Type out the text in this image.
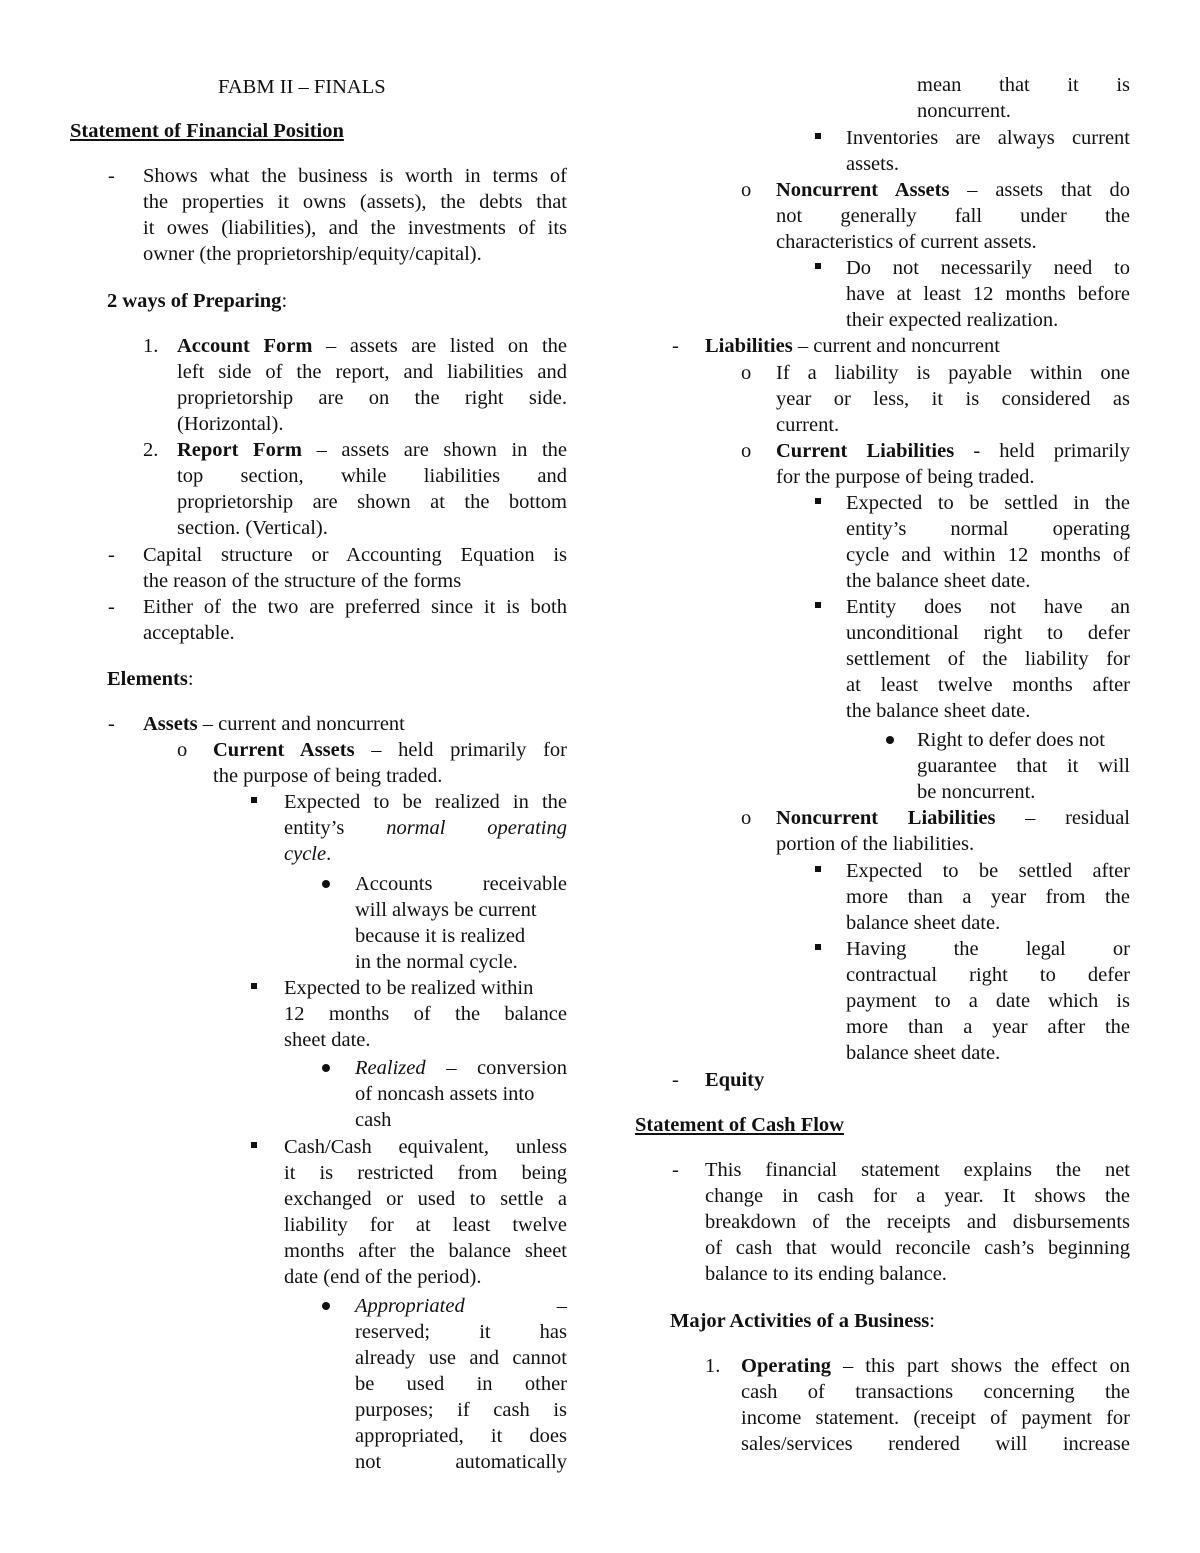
FABM II – FINALS

Statement of Financial Position

- Shows what the business is worth in terms of

the properties it owns (assets), the debts that

it owes (liabilities), and the investments of its

owner (the proprietorship/equity/capital).

2 ways of Preparing:

1. Account Form – assets are listed on the

left side of the report, and liabilities and

proprietorship are on the right side.

(Horizontal).

2. Report Form – assets are shown in the

top section, while liabilities and

proprietorship are shown at the bottom

section. (Vertical).

- Capital structure or Accounting Equation is

the reason of the structure of the forms

- Either of the two are preferred since it is both

acceptable.

Elements:

- Assets – current and noncurrent

o Current Assets – held primarily for

the purpose of being traded.

Expected to be realized in the

entity’s normal operating

cycle.

Accounts receivable

will always be current

because it is realized

in the normal cycle.

Expected to be realized within

12 months of the balance

sheet date.

Realized – conversion

of noncash assets into

cash

Cash/Cash equivalent, unless

it is restricted from being

exchanged or used to settle a

liability for at least twelve

months after the balance sheet

date (end of the period).

Appropriated	–

reserved; it has

already use and cannot

be used in other

purposes; if cash is

appropriated, it does

not automatically

mean that it is

noncurrent.

Inventories are always current

assets.

o Noncurrent Assets – assets that do

not generally fall under the

characteristics of current assets.

Do not necessarily need to

have at least 12 months before

their expected realization.

- Liabilities – current and noncurrent

o If a liability is payable within one

year or less, it is considered as

current.

o Current Liabilities - held primarily

for the purpose of being traded.

Expected to be settled in the

entity’s normal operating

cycle and within 12 months of

the balance sheet date.

Entity does not have an

unconditional right to defer

settlement of the liability for

at least twelve months after

the balance sheet date.

Right to defer does not

guarantee that it will

be noncurrent.

o Noncurrent Liabilities – residual

portion of the liabilities.

Expected to be settled after

more than a year from the

balance sheet date.

Having the legal or

contractual right to defer

payment to a date which is

more than a year after the

balance sheet date.

- Equity

Statement of Cash Flow

- This financial statement explains the net

change in cash for a year. It shows the

breakdown of the receipts and disbursements

of cash that would reconcile cash’s beginning

balance to its ending balance.

Major Activities of a Business:

1. Operating – this part shows the effect on

cash of transactions concerning the

income statement. (receipt of payment for

sales/services rendered will increase
